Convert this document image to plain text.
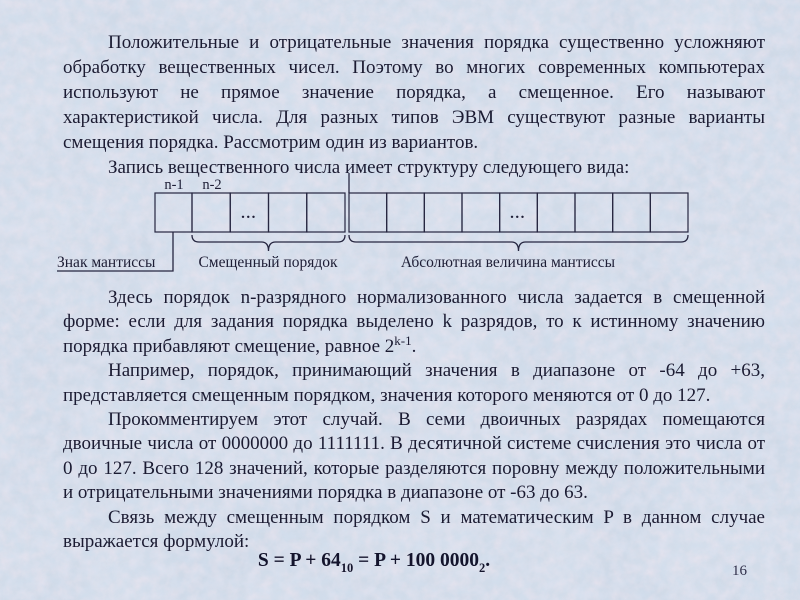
Положительные и отрицательные значения порядка существенно усложняют обработку вещественных чисел. Поэтому во многих современных компьютерах используют не прямое значение порядка, а смещенное. Его называют характеристикой числа. Для разных типов ЭВМ существуют разные варианты смещения порядка. Рассмотрим один из вариантов.

Запись вещественного числа имеет структуру следующего вида:

n-1 n-2
...	...
Знак мантиссы	Смещенный порядок	Абсолютная величина мантиссы

Здесь порядок n-разрядного нормализованного числа задается в смещенной форме: если для задания порядка выделено k разрядов, то к истинному значению порядка прибавляют смещение, равное 2$^{k-1}$.

Например, порядок, принимающий значения в диапазоне от -64 до +63, представляется смещенным порядком, значения которого меняются от 0 до 127.

Прокомментируем этот случай. В семи двоичных разрядах помещаются двоичные числа от 0000000 до 1111111. В десятичной системе счисления это числа от 0 до 127. Всего 128 значений, которые разделяются поровну между положительными и отрицательными значениями порядка в диапазоне от -63 до 63.

Связь между смещенным порядком S и математическим P в данном случае выражается формулой:

$S = P + 64_{10} = P + 100$ $0000_2$.	16
